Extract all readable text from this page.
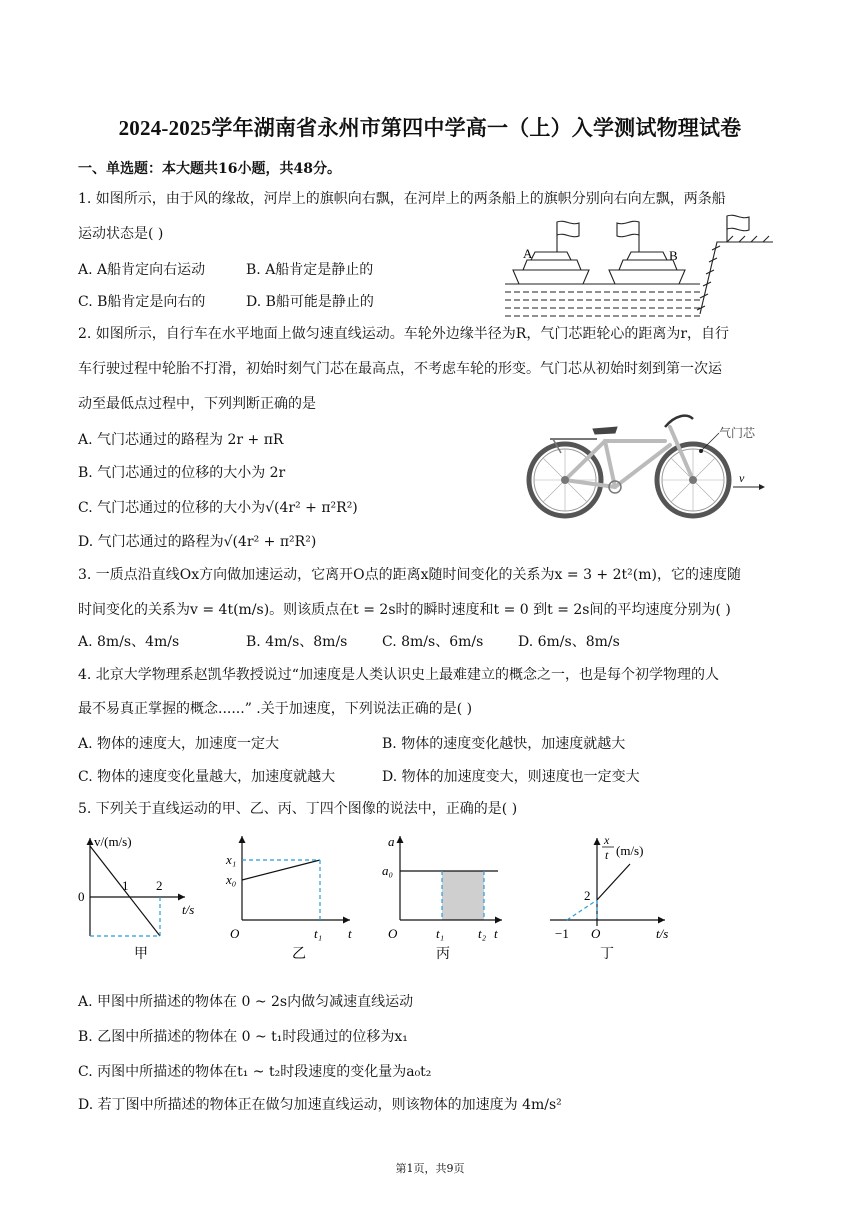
2024-2025学年湖南省永州市第四中学高一（上）入学测试物理试卷
一、单选题：本大题共16小题，共48分。
1. 如图所示，由于风的缘故，河岸上的旗帜向右飘，在河岸上的两条船上的旗帜分别向右向左飘，两条船
运动状态是( )
A. A船肯定向右运动	B. A船肯定是静止的
C. B船肯定是向右的	D. B船可能是静止的
A	B
2. 如图所示，自行车在水平地面上做匀速直线运动。车轮外边缘半径为R，气门芯距轮心的距离为r，自行
车行驶过程中轮胎不打滑，初始时刻气门芯在最高点，不考虑车轮的形变。气门芯从初始时刻到第一次运
动至最低点过程中，下列判断正确的是
A. 气门芯通过的路程为 2r + πR
B. 气门芯通过的位移的大小为 2r
C. 气门芯通过的位移的大小为√(4r² + π²R²)
D. 气门芯通过的路程为√(4r² + π²R²)
气门芯
v
3. 一质点沿直线Ox方向做加速运动，它离开O点的距离x随时间变化的关系为x = 3 + 2t²(m)，它的速度随
时间变化的关系为v = 4t(m/s)。则该质点在t = 2s时的瞬时速度和t = 0 到t = 2s间的平均速度分别为( )
A. 8m/s、4m/s	B. 4m/s、8m/s C. 8m/s、6m/s D. 6m/s、8m/s
4. 北京大学物理系赵凯华教授说过“加速度是人类认识史上最难建立的概念之一，也是每个初学物理的人
最不易真正掌握的概念......” .关于加速度，下列说法正确的是( )
A. 物体的速度大，加速度一定大	B. 物体的速度变化越快，加速度就越大
C. 物体的速度变化量越大，加速度就越大	D. 物体的加速度变大，则速度也一定变大
5. 下列关于直线运动的甲、乙、丙、丁四个图像的说法中，正确的是( )
v/(m/s)
0
1 2
t/s
甲
x₁
x₀
O	t₁ t
乙
a
a₀
O	t₁	t₂ t
丙
x
t (m/s)
2
−1 O	t/s
丁
A. 甲图中所描述的物体在 0 ~ 2s内做匀减速直线运动
B. 乙图中所描述的物体在 0 ~ t₁时段通过的位移为x₁
C. 丙图中所描述的物体在t₁ ~ t₂时段速度的变化量为a₀t₂
D. 若丁图中所描述的物体正在做匀加速直线运动，则该物体的加速度为 4m/s²
第1页，共9页
